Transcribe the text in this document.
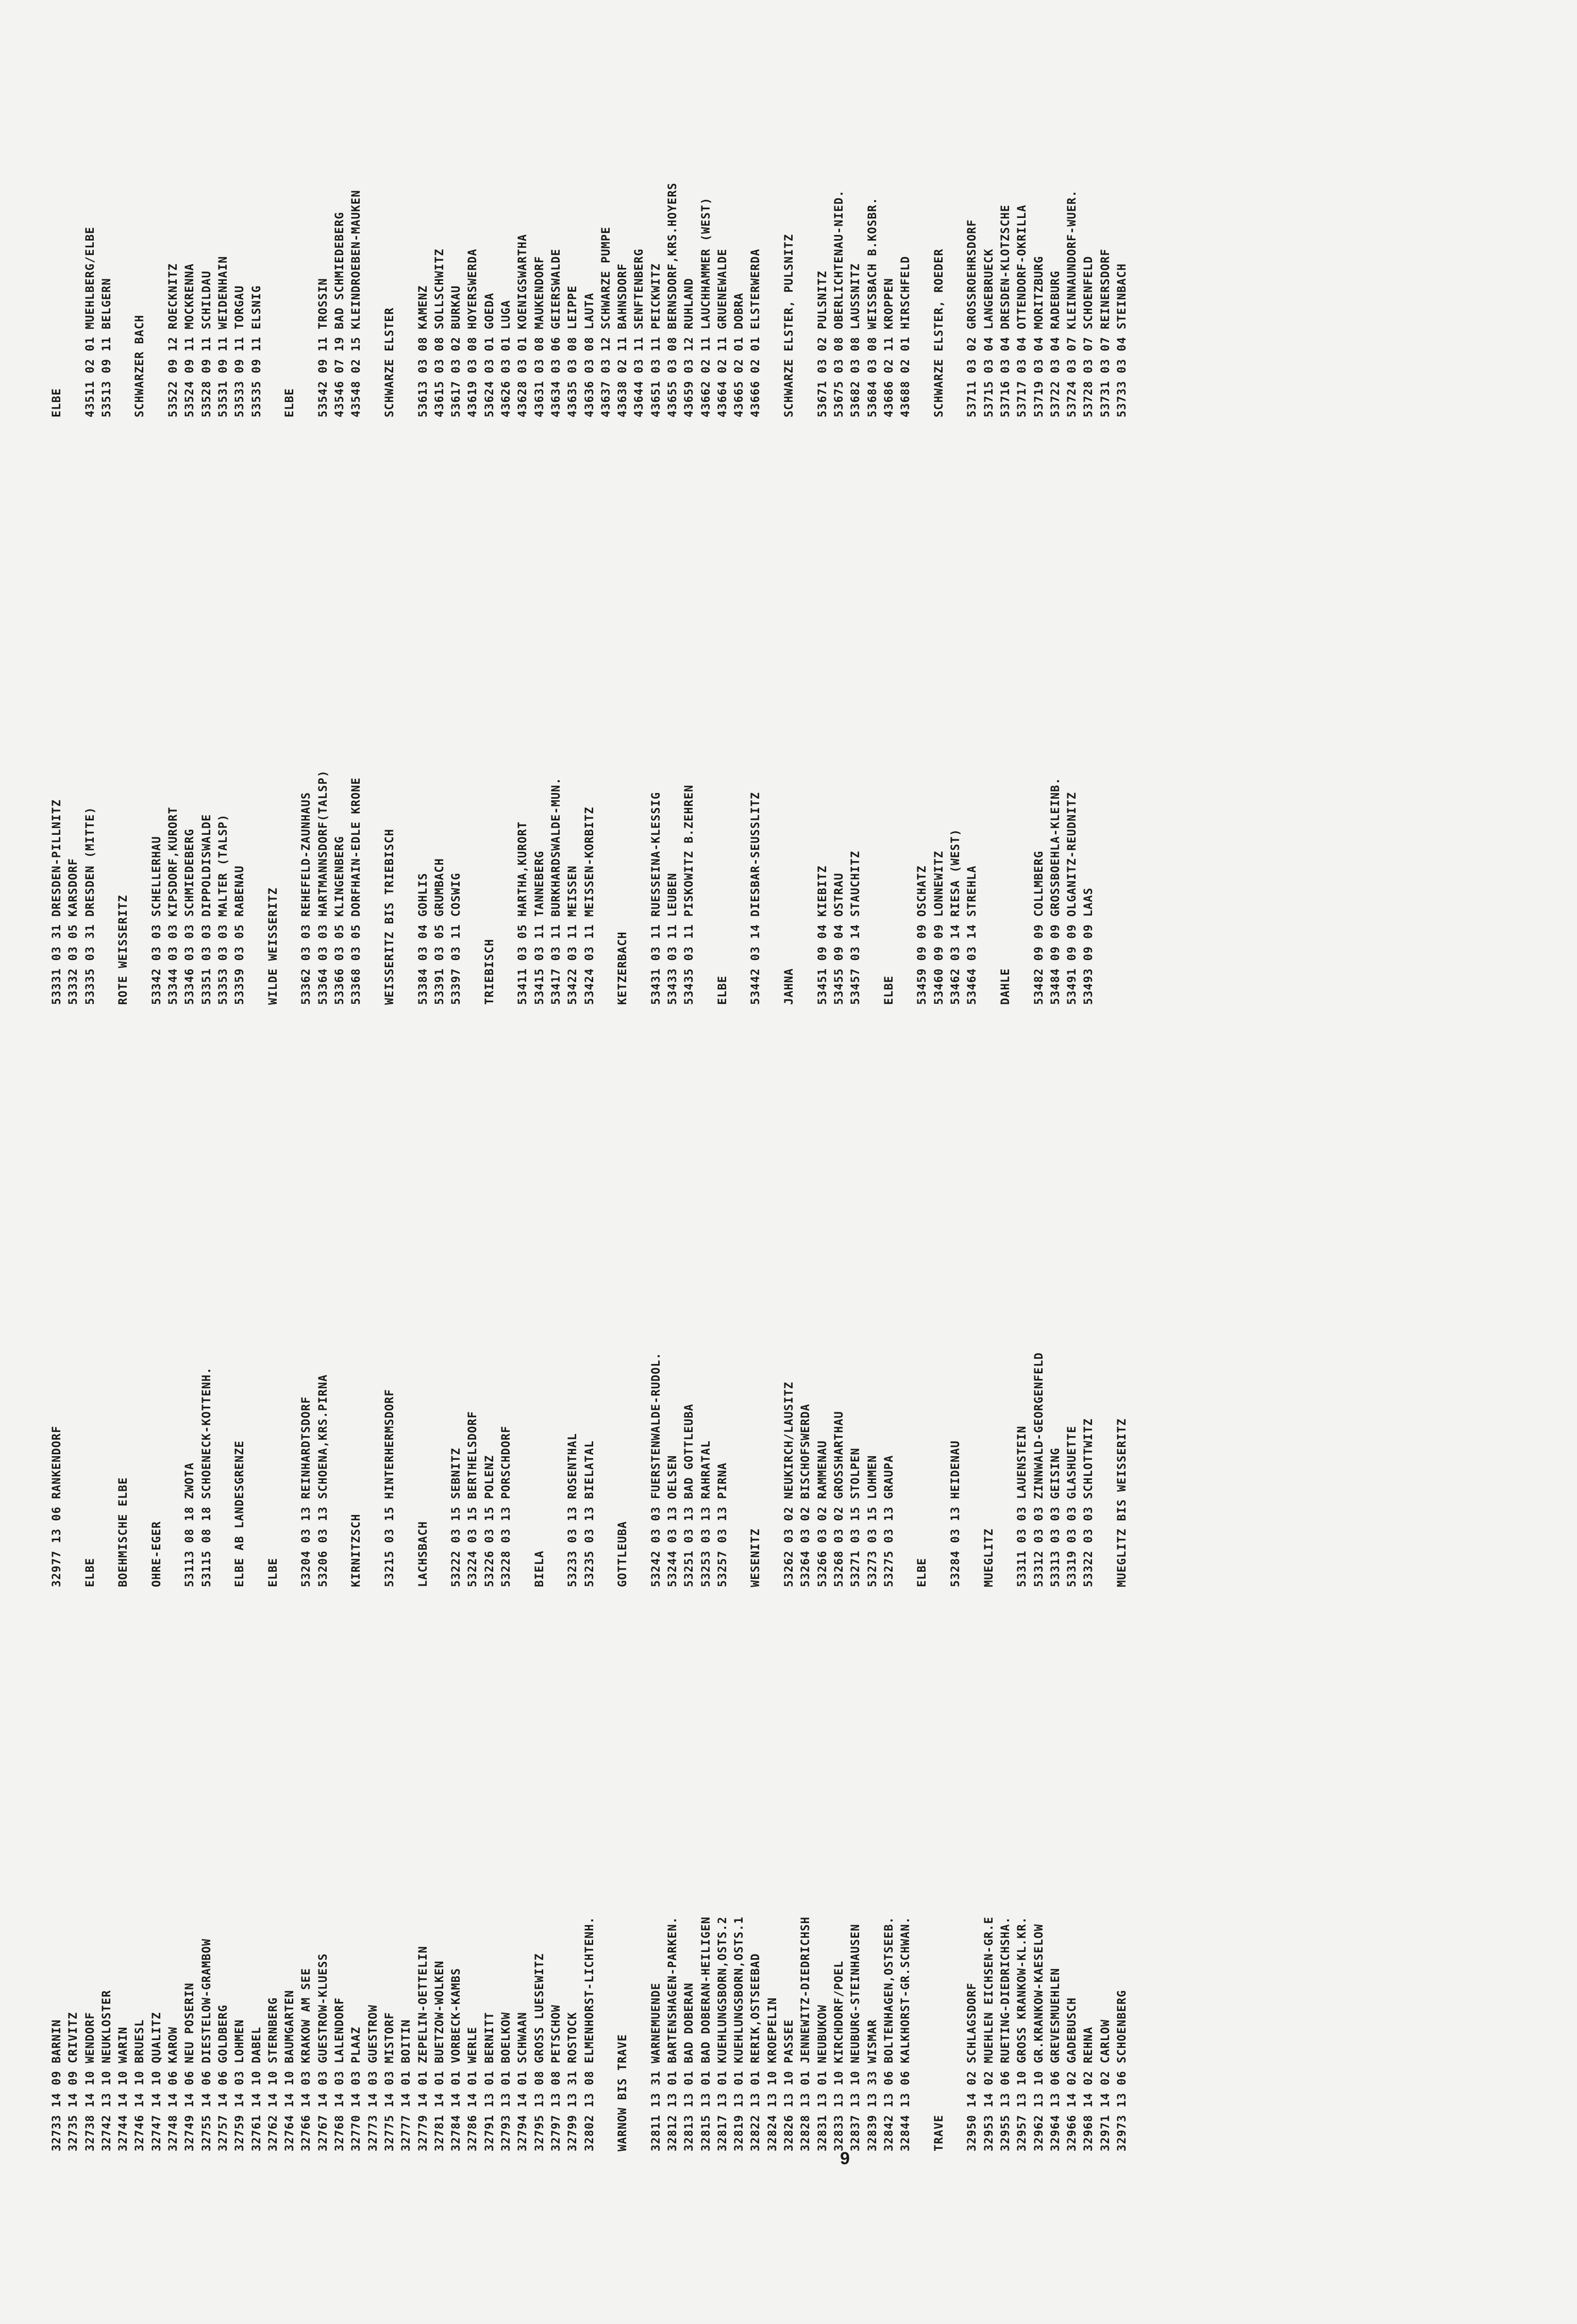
32733 14 09 BARNIN 32735 14 09 CRIVITZ 32738 14 10 WENDORF 32742 13 10 NEUKLOSTER 32744 14 10 WARIN 32746 14 10 BRUESL 32747 14 10 QUALITZ 32748 14 06 KAROW 32749 14 06 NEU POSERIN 32755 14 06 DIESTELOW-GRAMBOW 32757 14 06 GOLDBERG 32759 14 03 LOHMEN 32761 14 10 DABEL 32762 14 10 STERNBERG 32764 14 10 BAUMGARTEN 32766 14 03 KRAKOW AM SEE 32767 14 03 GUESTROW-KLUESS 32768 14 03 LALENDORF 32770 14 03 PLAAZ 32773 14 03 GUESTROW 32775 14 03 MISTORF 32777 14 01 BOITIN 32779 14 01 ZEPELIN-OETTELIN 32781 14 01 BUETZOW-WOLKEN 32784 14 01 VORBECK-KAMBS 32786 14 01 WERLE 32791 13 01 BERNITT 32793 13 01 BOELKOW 32794 14 01 SCHWAAN 32795 13 08 GROSS LUESEWITZ 32797 13 08 PETSCHOW 32799 13 31 ROSTOCK 32802 13 08 ELMENHORST-LICHTENH. WARNOW BIS TRAVE 32811 13 31 WARNEMUENDE 32812 13 01 BARTENSHAGEN-PARKEN. 32813 13 01 BAD DOBERAN 32815 13 01 BAD DOBERAN-HEILIGEN 32817 13 01 KUEHLUNGSBORN,OSTS.2 32819 13 01 KUEHLUNGSBORN,OSTS.1 32822 13 01 RERIK,OSTSEEBAD 32824 13 10 KROEPELIN 32826 13 10 PASSEE 32828 13 01 JENNEWITZ-DIEDRICHSH 32831 13 01 NEUBUKOW 32833 13 10 KIRCHDORF/POEL 32837 13 10 NEUBURG-STEINHAUSEN 32839 13 33 WISMAR 32842 13 06 BOLTENHAGEN,OSTSEEB. 32844 13 06 KALKHORST-GR.SCHWAN. TRAVE 32950 14 02 SCHLAGSDORF 32953 14 02 MUEHLEN EICHSEN-GR.E 32955 13 06 RUETING-DIEDRICHSHA. 32957 13 10 GROSS KRANKOW-KL.KR. 32962 13 10 GR.KRANKOW-KAESELOW 32964 13 06 GREVESMUEHLEN 32966 14 02 GADEBUSCH 32968 14 02 REHNA 32971 14 02 CARLOW 32973 13 06 SCHOENBERG
32977 13 06 RANKENDORF ELBE BOEHMISCHE ELBE OHRE-EGER 53113 08 18 ZWOTA 53115 08 18 SCHOENECK-KOTTENH. ELBE AB LANDESGRENZE ELBE 53204 03 13 REINHARDTSDORF 53206 03 13 SCHOENA,KRS.PIRNA KIRNITZSCH 53215 03 15 HINTERHERMSDORF LACHSBACH 53222 03 15 SEBNITZ 53224 03 15 BERTHELSDORF 53226 03 15 POLENZ 53228 03 13 PORSCHDORF BIELA 53233 03 13 ROSENTHAL 53235 03 13 BIELATAL GOTTLEUBA 53242 03 03 FUERSTENWALDE-RUDOL. 53244 03 13 OELSEN 53251 03 13 BAD GOTTLEUBA 53253 03 13 RAHRATAL 53257 03 13 PIRNA WESENITZ 53262 03 02 NEUKIRCH/LAUSITZ 53264 03 02 BISCHOFSWERDA 53266 03 02 RAMMENAU 53268 03 02 GROSSHARTHAU 53271 03 15 STOLPEN 53273 03 15 LOHMEN 53275 03 13 GRAUPA ELBE 53284 03 13 HEIDENAU MUEGLITZ 53311 03 03 LAUENSTEIN 53312 03 03 ZINNWALD-GEORGENFELD 53313 03 03 GEISING 53319 03 03 GLASHUETTE 53322 03 03 SCHLOTTWITZ MUEGLITZ BIS WEISSERITZ
53331 03 31 DRESDEN-PILLNITZ 53332 03 05 KARSDORF 53335 03 31 DRESDEN (MITTE) ROTE WEISSERITZ 53342 03 03 SCHELLERHAU 53344 03 03 KIPSDORF,KURORT 53346 03 03 SCHMIEDEBERG 53351 03 03 DIPPOLDISWALDE 53353 03 03 MALTER (TALSP) 53359 03 05 RABENAU WILDE WEISSERITZ 53362 03 03 REHEFELD-ZAUNHAUS 53364 03 03 HARTMANNSDORF(TALSP) 53366 03 05 KLINGENBERG 53368 03 05 DORFHAIN-EDLE KRONE WEISSERITZ BIS TRIEBISCH 53384 03 04 GOHLIS 53391 03 05 GRUMBACH 53397 03 11 COSWIG TRIEBISCH 53411 03 05 HARTHA,KURORT 53415 03 11 TANNEBERG 53417 03 11 BURKHARDSWALDE-MUN. 53422 03 11 MEISSEN 53424 03 11 MEISSEN-KORBITZ KETZERBACH 53431 03 11 RUESSEINA-KLESSIG 53433 03 11 LEUBEN 53435 03 11 PISKOWITZ B.ZEHREN ELBE 53442 03 14 DIESBAR-SEUSSLITZ JAHNA 53451 09 04 KIEBITZ 53455 09 04 OSTRAU 53457 03 14 STAUCHITZ ELBE 53459 09 09 OSCHATZ 53460 09 09 LONNEWITZ 53462 03 14 RIESA (WEST) 53464 03 14 STREHLA DAHLE 53482 09 09 COLLMBERG 53484 09 09 GROSSBOEHLA-KLEINB. 53491 09 09 OLGANITZ-REUDNITZ 53493 09 09 LAAS
ELBE 43511 02 01 MUEHLBERG/ELBE 53513 09 11 BELGERN SCHWARZER BACH 53522 09 12 ROECKNITZ 53524 09 11 MOCKRENNA 53528 09 11 SCHILDAU 53531 09 11 WEIDENHAIN 53533 09 11 TORGAU 53535 09 11 ELSNIG ELBE 53542 09 11 TROSSIN 43546 07 19 BAD SCHMIEDEBERG 43548 02 15 KLEINDROEBEN-MAUKEN SCHWARZE ELSTER 53613 03 08 KAMENZ 43615 03 08 SOLLSCHWITZ 53617 03 02 BURKAU 43619 03 08 HOYERSWERDA 53624 03 01 GOEDA 43626 03 01 LUGA 43628 03 01 KOENIGSWARTHA 43631 03 08 MAUKENDORF 43634 03 06 GEIERSWALDE 43635 03 08 LEIPPE 43636 03 08 LAUTA 43637 03 12 SCHWARZE PUMPE 43638 02 11 BAHNSDORF 43644 03 11 SENFTENBERG 43651 03 11 PEICKWITZ 43655 03 08 BERNSDORF,KRS.HOYERS 43659 03 12 RUHLAND 43662 02 11 LAUCHHAMMER (WEST) 43664 02 11 GRUENEWALDE 43665 02 01 DOBRA 43666 02 01 ELSTERWERDA SCHWARZE ELSTER, PULSNITZ 53671 03 02 PULSNITZ 53675 03 08 OBERLICHTENAU-NIED. 53682 03 08 LAUSSNITZ 53684 03 08 WEISSBACH B.KOSBR. 43686 02 11 KROPPEN 43688 02 01 HIRSCHFELD SCHWARZE ELSTER, ROEDER 53711 03 02 GROSSROEHRSDORF 53715 03 04 LANGEBRUECK 53716 03 04 DRESDEN-KLOTZSCHE 53717 03 04 OTTENDORF-OKRILLA 53719 03 04 MORITZBURG 53722 03 04 RADEBURG 53724 03 07 KLEINNAUNDORF-WUER. 53728 03 07 SCHOENFELD 53731 03 07 REINERSDORF 53733 03 04 STEINBACH
9
